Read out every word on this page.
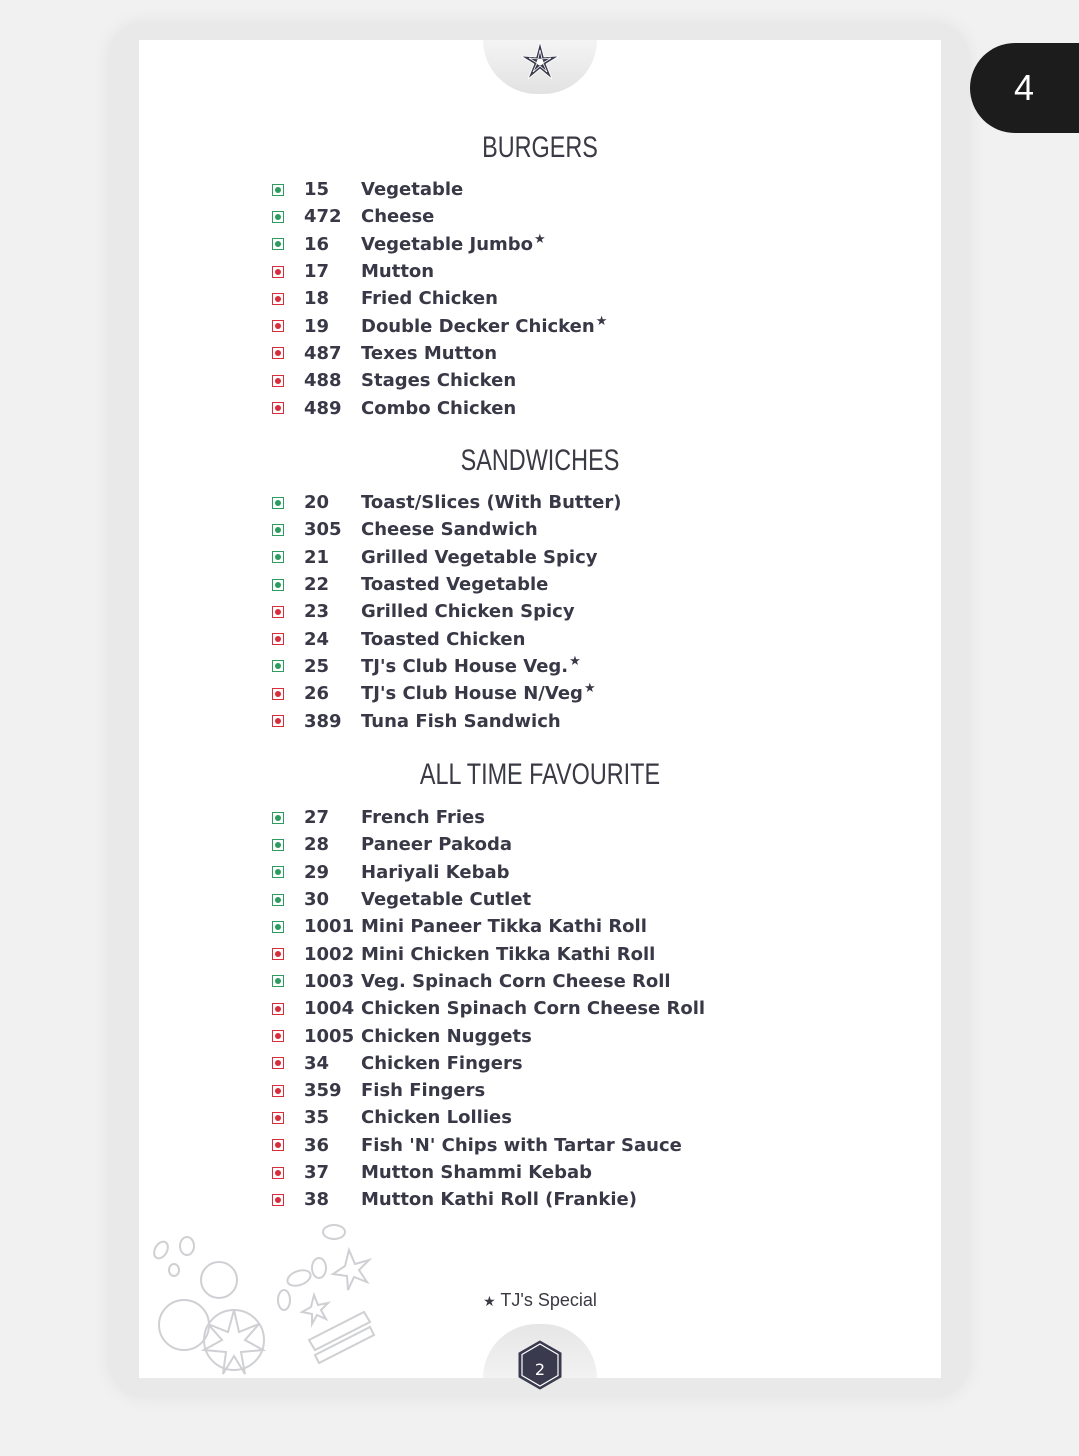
4
BURGERS
15	Vegetable
472	Cheese
16	Vegetable Jumbo★
17	Mutton
18	Fried Chicken
19	Double Decker Chicken★
487	Texes Mutton
488	Stages Chicken
489	Combo Chicken
SANDWICHES
20	Toast/Slices (With Butter)
305	Cheese Sandwich
21	Grilled Vegetable Spicy
22	Toasted Vegetable
23	Grilled Chicken Spicy
24	Toasted Chicken
25	TJ's Club House Veg.★
26	TJ's Club House N/Veg★
389	Tuna Fish Sandwich
ALL TIME FAVOURITE
27	French Fries
28	Paneer Pakoda
29	Hariyali Kebab
30	Vegetable Cutlet
1001 Mini Paneer Tikka Kathi Roll
1002 Mini Chicken Tikka Kathi Roll
1003 Veg. Spinach Corn Cheese Roll
1004 Chicken Spinach Corn Cheese Roll
1005 Chicken Nuggets
34	Chicken Fingers
359	Fish Fingers
35	Chicken Lollies
36	Fish 'N' Chips with Tartar Sauce
37	Mutton Shammi Kebab
38	Mutton Kathi Roll (Frankie)
★ TJ's Special
2
